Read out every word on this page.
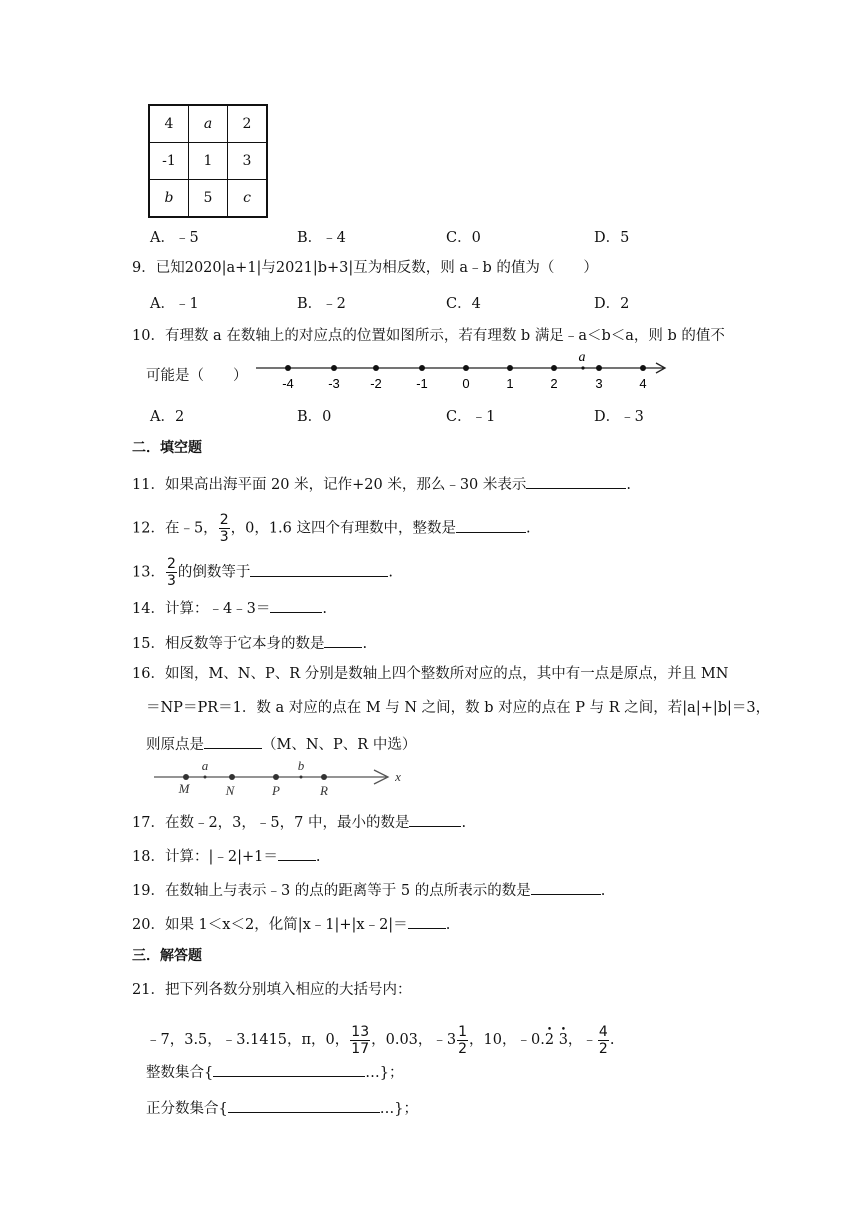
4	a	2
-1	1	3
b	5	c
A．﹣5	B．﹣4	C．0	D．5
9．已知2020|a+1|与2021|b+3|互为相反数，则 a﹣b 的值为（　　）
A．﹣1	B．﹣2	C．4	D．2
10．有理数 a 在数轴上的对应点的位置如图所示，若有理数 b 满足﹣a＜b＜a，则 b 的值不
可能是（　　）
a
-4	-3 -2	-1	0	1	2	3	4
A．2	B．0	C．﹣1	D．﹣3
二．填空题
11．如果高出海平面 20 米，记作+20 米，那么﹣30 米表示	.
12．在﹣5， $\frac{2}{3}$ ，0，1.6 这四个有理数中，整数是	.
13． $\frac{2}{3}$ 的倒数等于	.
14．计算：﹣4﹣3＝	.
15．相反数等于它本身的数是	.
16．如图，M、N、P、R 分别是数轴上四个整数所对应的点，其中有一点是原点，并且 MN
＝NP＝PR＝1．数 a 对应的点在 M 与 N 之间，数 b 对应的点在 P 与 R 之间，若|a|+|b|＝3，
则原点是	（M、N、P、R 中选）
a	b
M	N	P	R
x
17．在数﹣2，3，﹣5，7 中，最小的数是	.
18．计算：|﹣2|+1＝	.
19．在数轴上与表示﹣3 的点的距离等于 5 的点所表示的数是	.
20．如果 1＜x＜2，化简|x﹣1|+|x﹣2|＝	.
三．解答题
21．把下列各数分别填入相应的大括号内：
﹣7，3.5，﹣3.1415，π，0， $\frac{13}{17}$ ，0.03，﹣3 $\frac{1}{2}$ ，10，﹣0.• 2 • 3，﹣ $\frac{4}{2}$ .
整数集合{	…}；
正分数集合{	…}；
